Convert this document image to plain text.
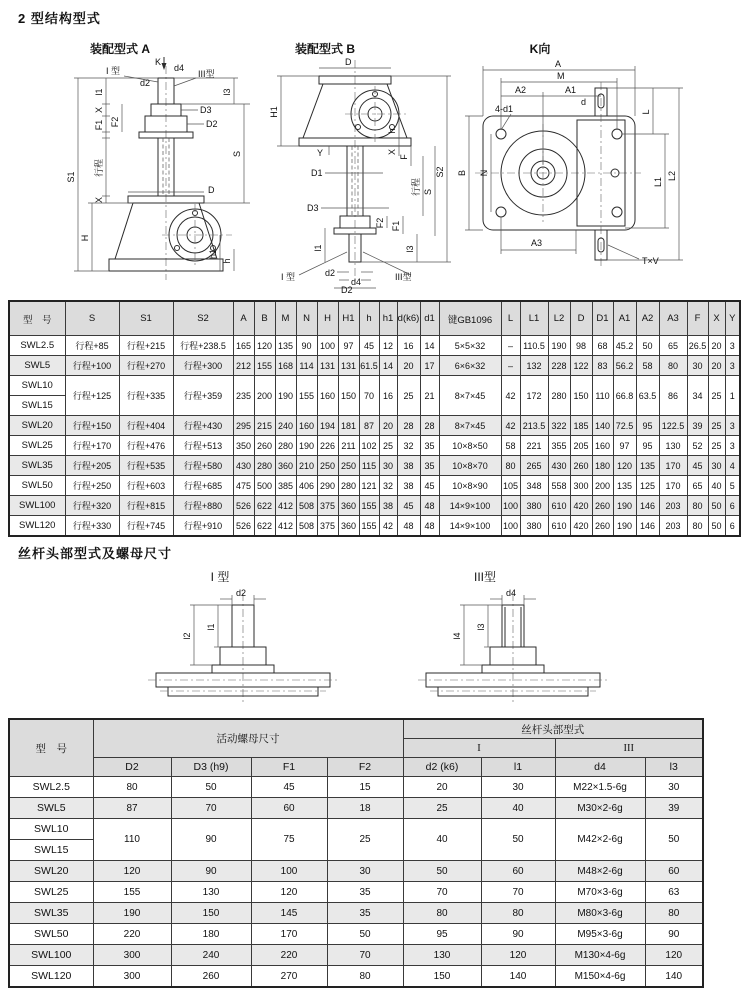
2 型结构型式
装配型式 A	装配型式 B	K向
K
I 型
d2
d4
III型
l1
X
F1 F2
行程
X
S1
H
l3
D3
D2
S
D
h1
h
D
H1
Y
D1
D3
l1
I 型	d2
d4
D2
III型
l3
h
X
F
行程 S
S2
F2 F1
A
M
A2	A1
4-d1
d
L
L1
L2
B N
A3
T×V
型　号	S	S1	S2	A	B	M	N	H	H1	h	h1	d(k6)	d1	键GB1096	L	L1	L2	D	D1	A1	A2	A3	F	X	Y
SWL2.5	行程+85	行程+215	行程+238.5	165	120	135	90	100	97	45	12	16	14	5×5×32	–	110.5	190	98	68	45.2	50	65	26.5	20	3
SWL5	行程+100	行程+270	行程+300	212	155	168	114	131	131	61.5	14	20	17	6×6×32	–	132	228	122	83	56.2	58	80	30	20	3
SWL10	行程+125	行程+335	行程+359	235	200	190	155	160	150	70	16	25	21	8×7×45	42	172	280	150	110	66.8	63.5	86	34	25	1
SWL15																									
SWL20	行程+150	行程+404	行程+430	295	215	240	160	194	181	87	20	28	28	8×7×45	42	213.5	322	185	140	72.5	95	122.5	39	25	3
SWL25	行程+170	行程+476	行程+513	350	260	280	190	226	211	102	25	32	35	10×8×50	58	221	355	205	160	97	95	130	52	25	3
SWL35	行程+205	行程+535	行程+580	430	280	360	210	250	250	115	30	38	35	10×8×70	80	265	430	260	180	120	135	170	45	30	4
SWL50	行程+250	行程+603	行程+685	475	500	385	406	290	280	121	32	38	45	10×8×90	105	348	558	300	200	135	125	170	65	40	5
SWL100	行程+320	行程+815	行程+880	526	622	412	508	375	360	155	38	45	48	14×9×100	100	380	610	420	260	190	146	203	80	50	6
SWL120	行程+330	行程+745	行程+910	526	622	412	508	375	360	155	42	48	48	14×9×100	100	380	610	420	260	190	146	203	80	50	6
丝杆头部型式及螺母尺寸
I 型	III型
d2
l1
l2
d4
l3
l4
型　号	活动螺母尺寸				丝杆头部型式			
					I		III	
	D2	D3 (h9)	F1	F2	d2 (k6)	l1	d4	l3
SWL2.5	80	50	45	15	20	30	M22×1.5-6g	30
SWL5	87	70	60	18	25	40	M30×2-6g	39
SWL10	110	90	75	25	40	50	M42×2-6g	50
SWL15								
SWL20	120	90	100	30	50	60	M48×2-6g	60
SWL25	155	130	120	35	70	70	M70×3-6g	63
SWL35	190	150	145	35	80	80	M80×3-6g	80
SWL50	220	180	170	50	95	90	M95×3-6g	90
SWL100	300	240	220	70	130	120	M130×4-6g	120
SWL120	300	260	270	80	150	140	M150×4-6g	140
